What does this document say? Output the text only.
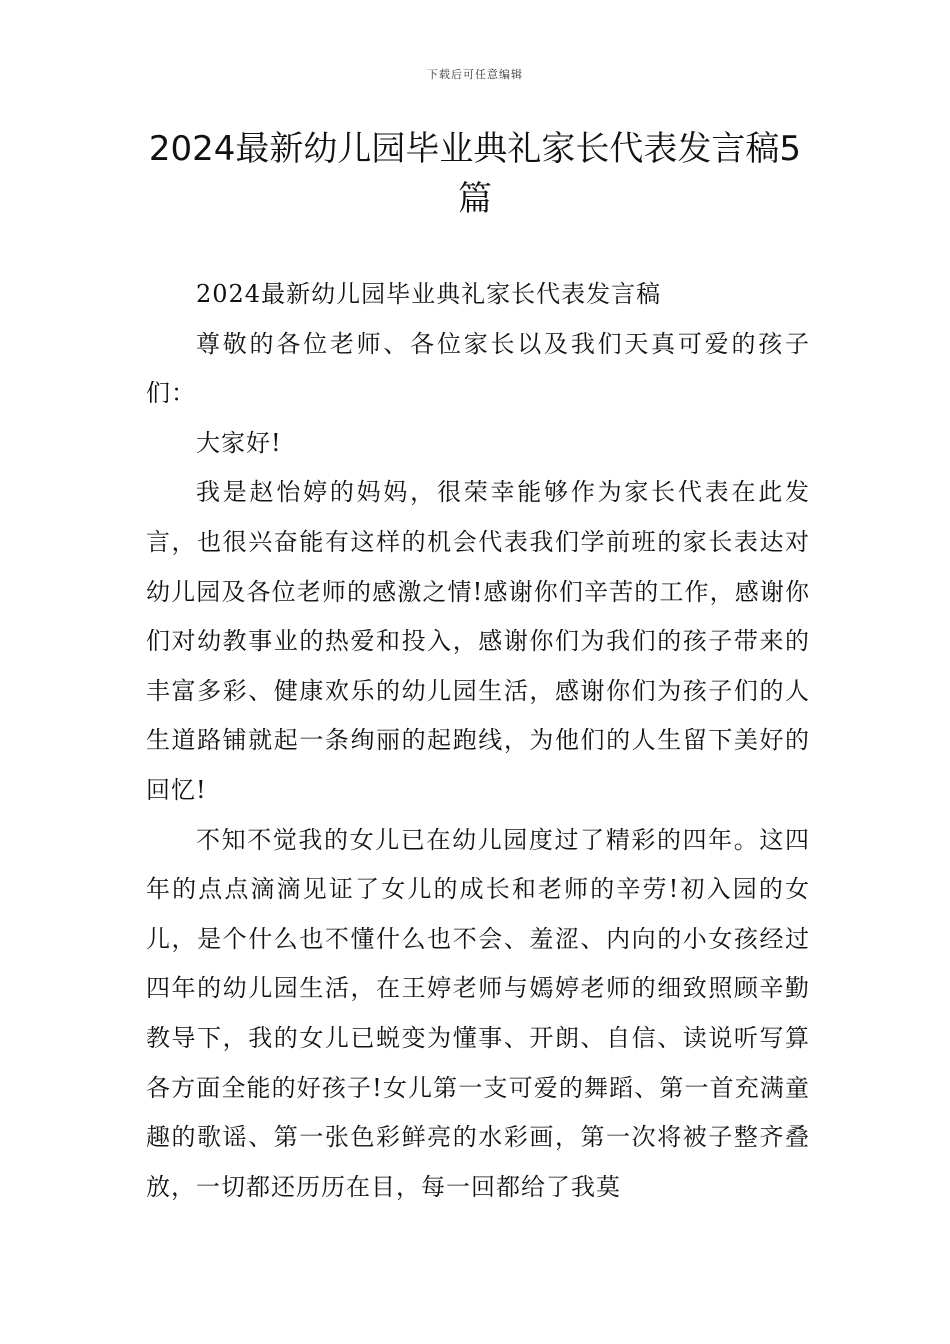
下载后可任意编辑
2024最新幼儿园毕业典礼家长代表发言稿5篇

2024最新幼儿园毕业典礼家长代表发言稿

尊敬的各位老师、各位家长以及我们天真可爱的孩子们：

大家好!

我是赵怡婷的妈妈，很荣幸能够作为家长代表在此发言，也很兴奋能有这样的机会代表我们学前班的家长表达对幼儿园及各位老师的感激之情!感谢你们辛苦的工作，感谢你们对幼教事业的热爱和投入，感谢你们为我们的孩子带来的丰富多彩、健康欢乐的幼儿园生活，感谢你们为孩子们的人生道路铺就起一条绚丽的起跑线，为他们的人生留下美好的回忆!

不知不觉我的女儿已在幼儿园度过了精彩的四年。这四年的点点滴滴见证了女儿的成长和老师的辛劳!初入园的女儿，是个什么也不懂什么也不会、羞涩、内向的小女孩经过四年的幼儿园生活，在王婷老师与嫣婷老师的细致照顾辛勤教导下，我的女儿已蜕变为懂事、开朗、自信、读说听写算各方面全能的好孩子!女儿第一支可爱的舞蹈、第一首充满童趣的歌谣、第一张色彩鲜亮的水彩画，第一次将被子整齐叠放，一切都还历历在目，每一回都给了我莫
